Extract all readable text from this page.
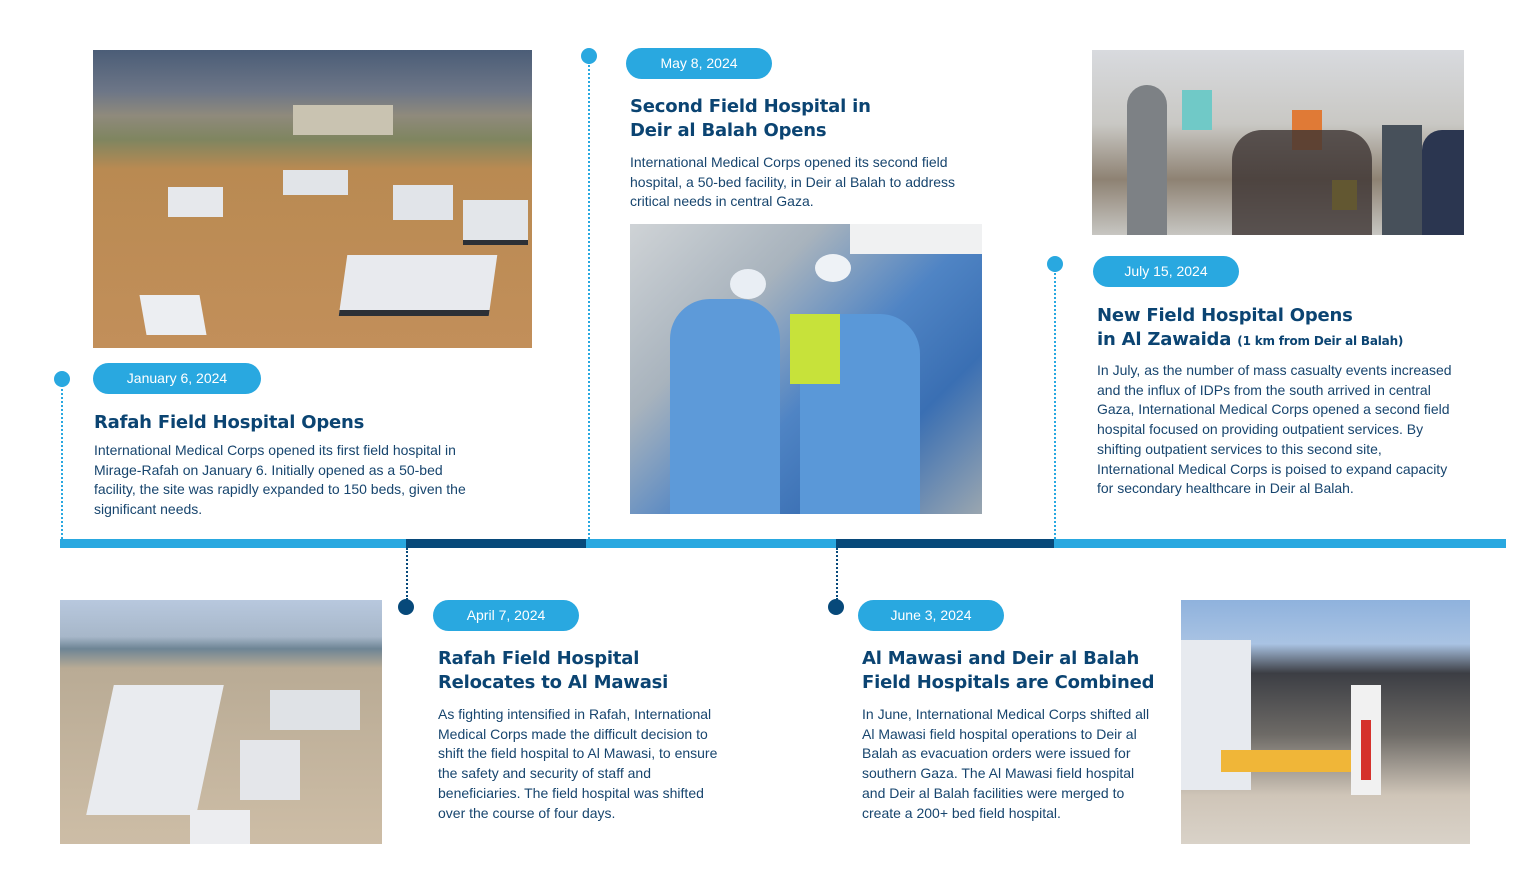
January 6, 2024
Rafah Field Hospital Opens
International Medical Corps opened its first field hospital in Mirage-Rafah on January 6. Initially opened as a 50-bed facility, the site was rapidly expanded to 150 beds, given the significant needs.
April 7, 2024
Rafah Field Hospital
Relocates to Al Mawasi
As fighting intensified in Rafah, International Medical Corps made the difficult decision to shift the field hospital to Al Mawasi, to ensure the safety and security of staff and beneficiaries. The field hospital was shifted over the course of four days.
May 8, 2024
Second Field Hospital in
Deir al Balah Opens
International Medical Corps opened its second field hospital, a 50-bed facility, in Deir al Balah to address critical needs in central Gaza.
June 3, 2024
Al Mawasi and Deir al Balah
Field Hospitals are Combined
In June, International Medical Corps shifted all Al Mawasi field hospital operations to Deir al Balah as evacuation orders were issued for southern Gaza. The Al Mawasi field hospital and Deir al Balah facilities were merged to create a 200+ bed field hospital.
July 15, 2024
New Field Hospital Opens
in Al Zawaida (1 km from Deir al Balah)
In July, as the number of mass casualty events increased and the influx of IDPs from the south arrived in central Gaza, International Medical Corps opened a second field hospital focused on providing outpatient services. By shifting outpatient services to this second site, International Medical Corps is poised to expand capacity for secondary healthcare in Deir al Balah.
